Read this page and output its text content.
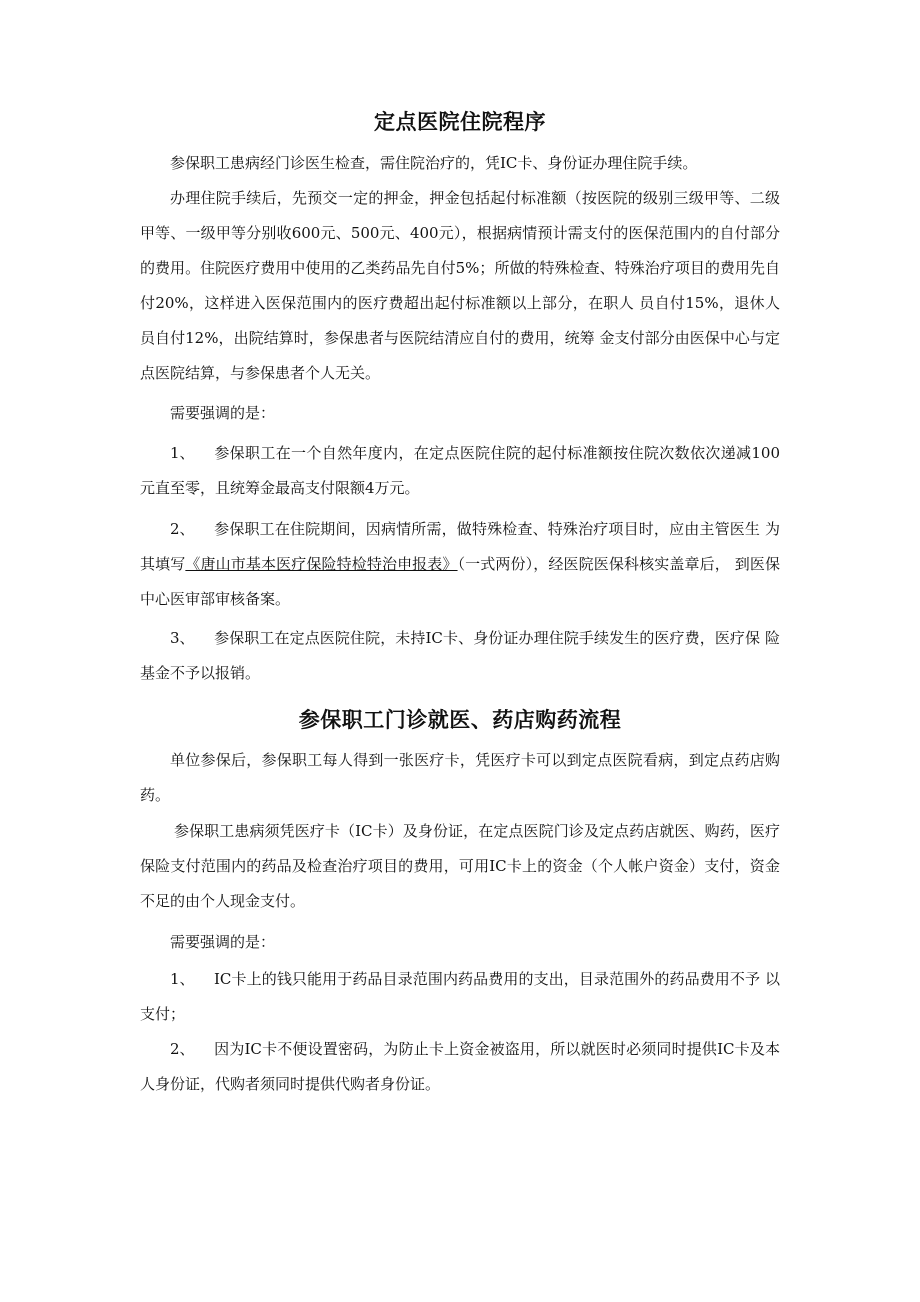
定点医院住院程序

参保职工患病经门诊医生检查，需住院治疗的，凭IC卡、身份证办理住院手续。

办理住院手续后，先预交一定的押金，押金包括起付标准额（按医院的级别三级甲等、二级甲等、一级甲等分别收600元、500元、400元），根据病情预计需支付的医保范围内的自付部分的费用。住院医疗费用中使用的乙类药品先自付5%；所做的特殊检查、特殊治疗项目的费用先自付20%，这样进入医保范围内的医疗费超出起付标准额以上部分，在职人 员自付15%，退休人员自付12%，出院结算时，参保患者与医院结清应自付的费用，统筹 金支付部分由医保中心与定点医院结算，与参保患者个人无关。

需要强调的是：

1、 参保职工在一个自然年度内，在定点医院住院的起付标准额按住院次数依次递减100 元直至零，且统筹金最高支付限额4万元。

2、 参保职工在住院期间，因病情所需，做特殊检查、特殊治疗项目时，应由主管医生 为其填写《唐山市基本医疗保险特检特治申报表》（一式两份），经医院医保科核实盖章后， 到医保中心医审部审核备案。

3、 参保职工在定点医院住院，未持IC卡、身份证办理住院手续发生的医疗费，医疗保 险基金不予以报销。

参保职工门诊就医、药店购药流程

单位参保后，参保职工每人得到一张医疗卡，凭医疗卡可以到定点医院看病，到定点药店购药。

参保职工患病须凭医疗卡（IC卡）及身份证，在定点医院门诊及定点药店就医、购药，医疗保险支付范围内的药品及检查治疗项目的费用，可用IC卡上的资金（个人帐户资金）支付，资金不足的由个人现金支付。

需要强调的是：

1、 IC卡上的钱只能用于药品目录范围内药品费用的支出，目录范围外的药品费用不予 以支付；

2、 因为IC卡不便设置密码，为防止卡上资金被盗用，所以就医时必须同时提供IC卡及本人身份证，代购者须同时提供代购者身份证。
